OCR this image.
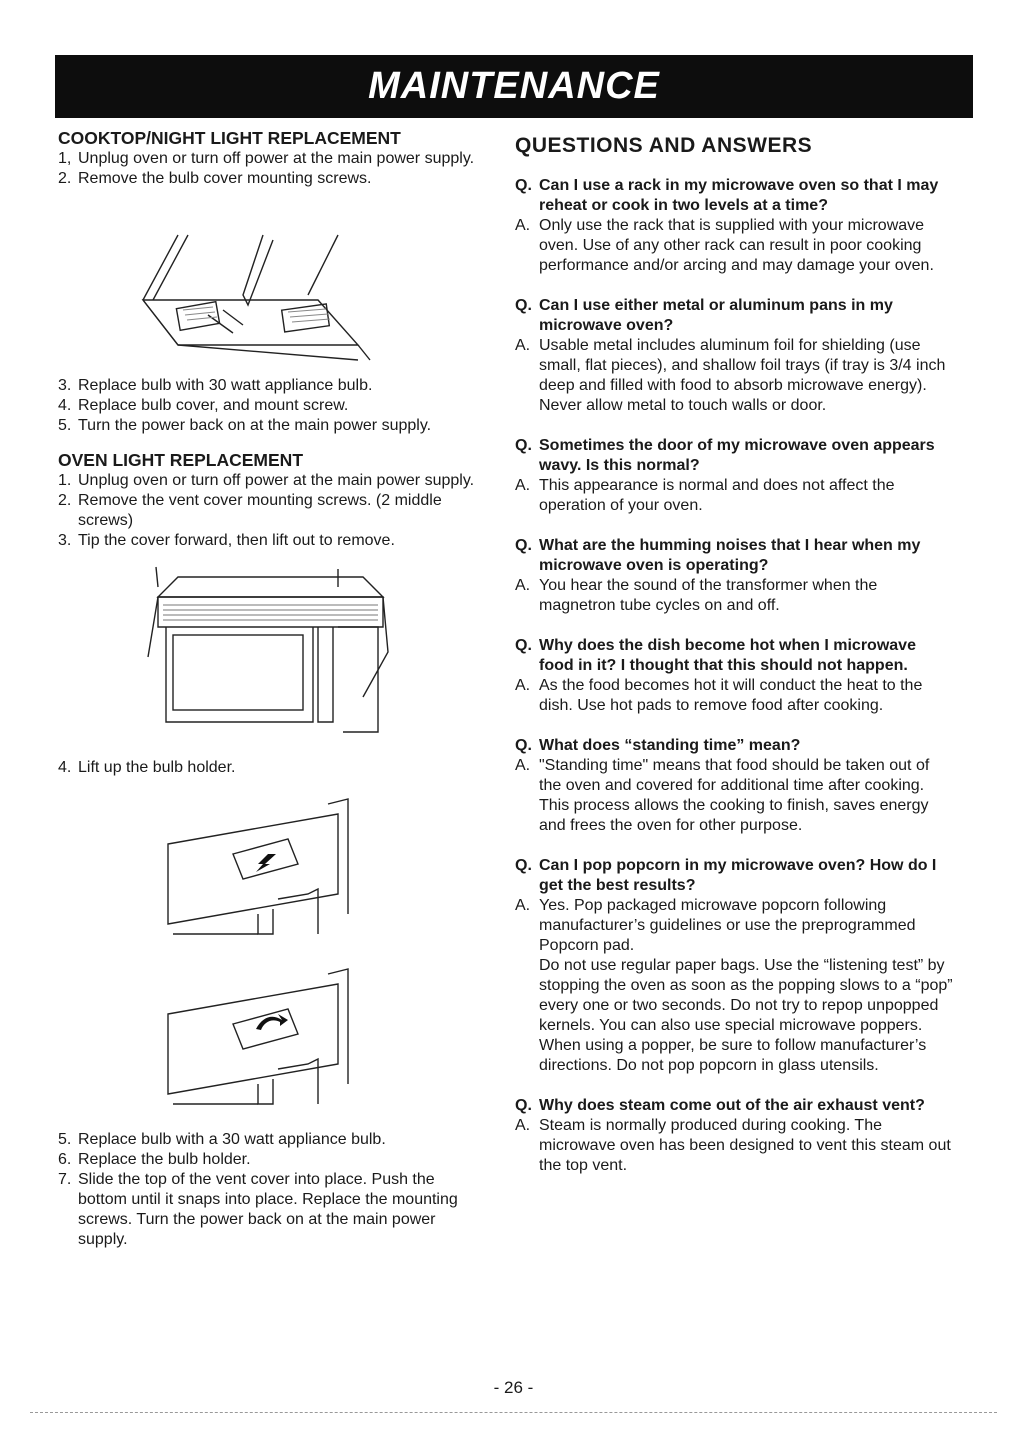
MAINTENANCE
COOKTOP/NIGHT LIGHT REPLACEMENT
1, Unplug oven or turn off power at the main power supply.
2. Remove the bulb cover mounting screws.
3. Replace bulb with 30 watt appliance bulb.
4. Replace bulb cover, and mount screw.
5. Turn the power back on at the main power supply.
OVEN LIGHT REPLACEMENT
1. Unplug oven or turn off power at the main power supply.
2. Remove the vent cover mounting screws. (2 middle screws)
3. Tip the cover forward, then lift out to remove.
4. Lift up the bulb holder.
5. Replace bulb with a 30 watt appliance bulb.
6. Replace the bulb holder.
7. Slide the top of the vent cover into place. Push the bottom until it snaps into place. Replace the mounting screws. Turn the power back on at the main power supply.
QUESTIONS AND ANSWERS
Q. Can I use a rack in my microwave oven so that I may reheat or cook in two levels at a time?
A. Only use the rack that is supplied with your microwave oven. Use of any other rack can result in poor cooking performance and/or arcing and may damage your oven.
Q. Can I use either metal or aluminum pans in my microwave oven?
A. Usable metal includes aluminum foil for shielding (use small, flat pieces), and shallow foil trays (if tray is 3/4 inch deep and filled with food to absorb microwave energy). Never allow metal to touch walls or door.
Q. Sometimes the door of my microwave oven appears wavy. Is this normal?
A. This appearance is normal and does not affect the operation of your oven.
Q. What are the humming noises that I hear when my microwave oven is operating?
A. You hear the sound of the transformer when the magnetron tube cycles on and off.
Q. Why does the dish become hot when I microwave food in it? I thought that this should not happen.
A. As the food becomes hot it will conduct the heat to the dish. Use hot pads to remove food after cooking.
Q. What does “standing time” mean?
A. "Standing time" means that food should be taken out of the oven and covered for additional time after cooking. This process allows the cooking to finish, saves energy and frees the oven for other purpose.
Q. Can I pop popcorn in my microwave oven? How do I get the best results?
A. Yes. Pop packaged microwave popcorn following manufacturer’s guidelines or use the preprogrammed Popcorn pad.
Do not use regular paper bags. Use the “listening test” by stopping the oven as soon as the popping slows to a “pop” every one or two seconds. Do not try to repop unpopped kernels. You can also use special microwave poppers. When using a popper, be sure to follow manufacturer’s directions. Do not pop popcorn in glass utensils.
Q. Why does steam come out of the air exhaust vent?
A. Steam is normally produced during cooking. The microwave oven has been designed to vent this steam out the top vent.
- 26 -
